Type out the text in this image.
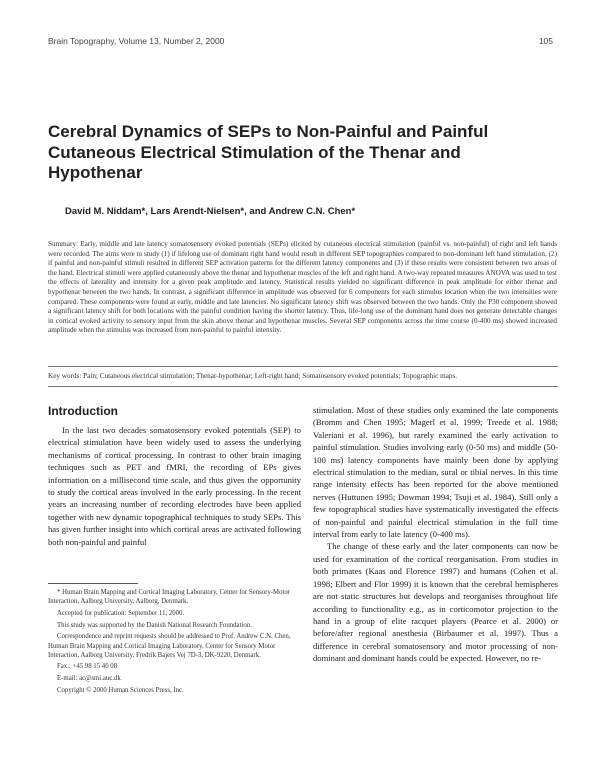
Brain Topography, Volume 13, Number 2, 2000	105
Cerebral Dynamics of SEPs to Non-Painful and Painful Cutaneous Electrical Stimulation of the Thenar and Hypothenar
David M. Niddam*, Lars Arendt-Nielsen*, and Andrew C.N. Chen*
Summary: Early, middle and late latency somatosensory evoked potentials (SEPs) elicited by cutaneous electrical stimulation (painful vs. non-painful) of right and left hands were recorded. The aims were to study (1) if lifelong use of dominant right hand would result in different SEP topographies compared to non-dominant left hand stimulation, (2) if painful and non-painful stimuli resulted in different SEP activation patterns for the different latency components and (3) if these results were consistent between two areas of the hand. Electrical stimuli were applied cutaneously above the thenar and hypothenar muscles of the left and right hand. A two-way repeated measures ANOVA was used to test the effects of laterality and intensity for a given peak amplitude and latency. Statistical results yielded no significant difference in peak amplitude for either thenar and hypothenar between the two hands. In contrast, a significant difference in amplitude was observed for 6 components for each stimulus location when the two intensities were compared. These components were found at early, middle and late latencies. No significant latency shift was observed between the two hands. Only the P30 component showed a significant latency shift for both locations with the painful condition having the shorter latency. Thus, life-long use of the dominant hand does not generate detectable changes in cortical evoked activity to sensory input from the skin above thenar and hypothenar muscles. Several SEP components across the time course (0-400 ms) showed increased amplitude when the stimulus was increased from non-painful to painful intensity.
Key words: Pain; Cutaneous electrical stimulation; Thenar-hypothenar; Left-right hand; Somatosensory evoked potentials; Topographic maps.
Introduction

In the last two decades somatosensory evoked potentials (SEP) to electrical stimulation have been widely used to assess the underlying mechanisms of cortical processing. In contrast to other brain imaging techniques such as PET and fMRI, the recording of EPs gives information on a millisecond time scale, and thus gives the opportunity to study the cortical areas involved in the early processing. In the recent years an increasing number of recording electrodes have been applied together with new dynamic topographical techniques to study SEPs. This has given further insight into which cortical areas are activated following both non-painful and painful

* Human Brain Mapping and Cortical Imaging Laboratory, Center for Sensory-Motor Interaction, Aalborg University, Aalborg, Denmark.

Accepted for publication: September 11, 2000.

This study was supported by the Danish National Research Foundation.

Correspondence and reprint requests should be addressed to Prof. Andrew C.N. Chen, Human Brain Mapping and Cortical Imaging Laboratory, Center for Sensory Motor Interaction, Aalborg University, Fredrik Bajers Vej 7D-3, DK-9220, Denmark.

Fax.: +45 98 15 40 08

E-mail: ac@smi.auc.dk

Copyright © 2000 Human Sciences Press, Inc.

stimulation. Most of these studies only examined the late components (Bromm and Chen 1995; Magerl et al. 1999; Treede et al. 1988; Valeriani et al. 1996), but rarely examined the early activation to painful stimulation. Studies involving early (0-50 ms) and middle (50-100 ms) latency components have mainly been done by applying electrical stimulation to the median, sural or tibial nerves. In this time range intensity effects has been reported for the above mentioned nerves (Huttunen 1995; Dowman 1994; Tsuji et al. 1984). Still only a few topographical studies have systematically investigated the effects of non-painful and painful electrical stimulation in the full time interval from early to late latency (0-400 ms).

The change of these early and the later components can now be used for examination of the cortical reorganisation. From studies in both primates (Kaas and Florence 1997) and humans (Cohen et al. 1998; Elbert and Flor 1999) it is known that the cerebral hemispheres are not static structures but develops and reorganises throughout life according to functionality e.g., as in corticomotor projection to the hand in a group of elite racquet players (Pearce et al. 2000) or before/after regional anesthesia (Birbaumer et al. 1997). Thus a difference in cerebral somatosensory and motor processing of non-dominant and dominant hands could be expected. However, no re-
